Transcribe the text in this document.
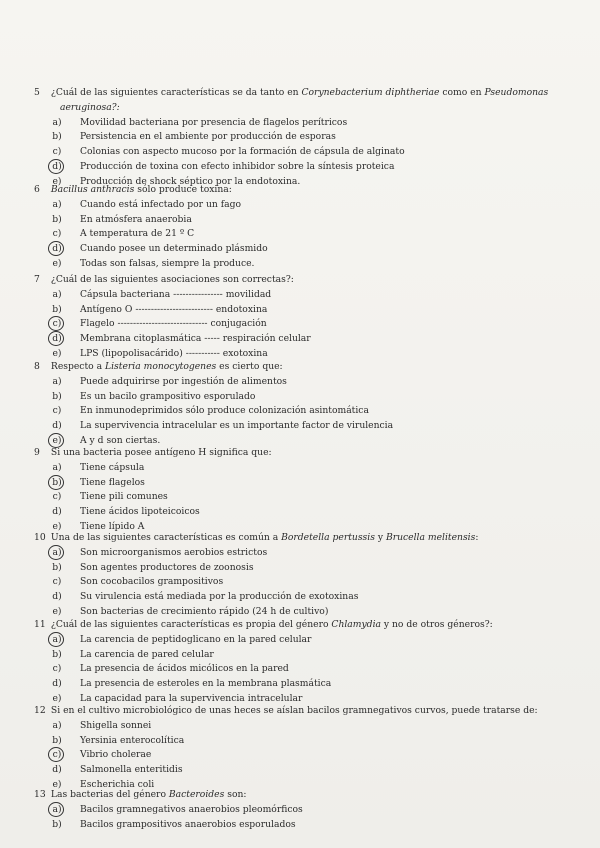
5 ¿Cuál de las siguientes características se da tanto en Corynebacterium diphtheriae como en Pseudomonas
aeruginosa?:
a)	Movilidad bacteriana por presencia de flagelos perítricos
b)	Persistencia en el ambiente por producción de esporas
c)	Colonias con aspecto mucoso por la formación de cápsula de alginato
d)	Producción de toxina con efecto inhibidor sobre la síntesis proteica
e)	Producción de shock séptico por la endotoxina.
6 Bacillus anthracis sólo produce toxina:
a)	Cuando está infectado por un fago
b)	En atmósfera anaerobia
c)	A temperatura de 21 º C
d)	Cuando posee un determinado plásmido
e)	Todas son falsas, siempre la produce.
7 ¿Cuál de las siguientes asociaciones son correctas?:
a)	Cápsula bacteriana ---------------- movilidad
b)	Antígeno O ------------------------- endotoxina
c)	Flagelo ----------------------------- conjugación
d)	Membrana citoplasmática ----- respiración celular
e)	LPS (lipopolisacárido) ----------- exotoxina
8 Respecto a Listeria monocytogenes es cierto que:
a)	Puede adquirirse por ingestión de alimentos
b)	Es un bacilo grampositivo esporulado
c)	En inmunodeprimidos sólo produce colonización asintomática
d)	La supervivencia intracelular es un importante factor de virulencia
e)	A y d son ciertas.
9 Si una bacteria posee antígeno H significa que:
a)	Tiene cápsula
b)	Tiene flagelos
c)	Tiene pili comunes
d)	Tiene ácidos lipoteicoicos
e)	Tiene lípido A
10 Una de las siguientes características es común a Bordetella pertussis y Brucella melitensis:
a)	Son microorganismos aerobios estrictos
b)	Son agentes productores de zoonosis
c)	Son cocobacilos grampositivos
d)	Su virulencia está mediada por la producción de exotoxinas
e)	Son bacterias de crecimiento rápido (24 h de cultivo)
11 ¿Cuál de las siguientes características es propia del género Chlamydia y no de otros géneros?:
a)	La carencia de peptidoglicano en la pared celular
b)	La carencia de pared celular
c)	La presencia de ácidos micólicos en la pared
d)	La presencia de esteroles en la membrana plasmática
e)	La capacidad para la supervivencia intracelular
12 Si en el cultivo microbiológico de unas heces se aíslan bacilos gramnegativos curvos, puede tratarse de:
a)	Shigella sonnei
b)	Yersinia enterocolítica
c)	Vibrio cholerae
d)	Salmonella enteritidis
e)	Escherichia coli
13 Las bacterias del género Bacteroides son:
a)	Bacilos gramnegativos anaerobios pleomórficos
b)	Bacilos grampositivos anaerobios esporulados
